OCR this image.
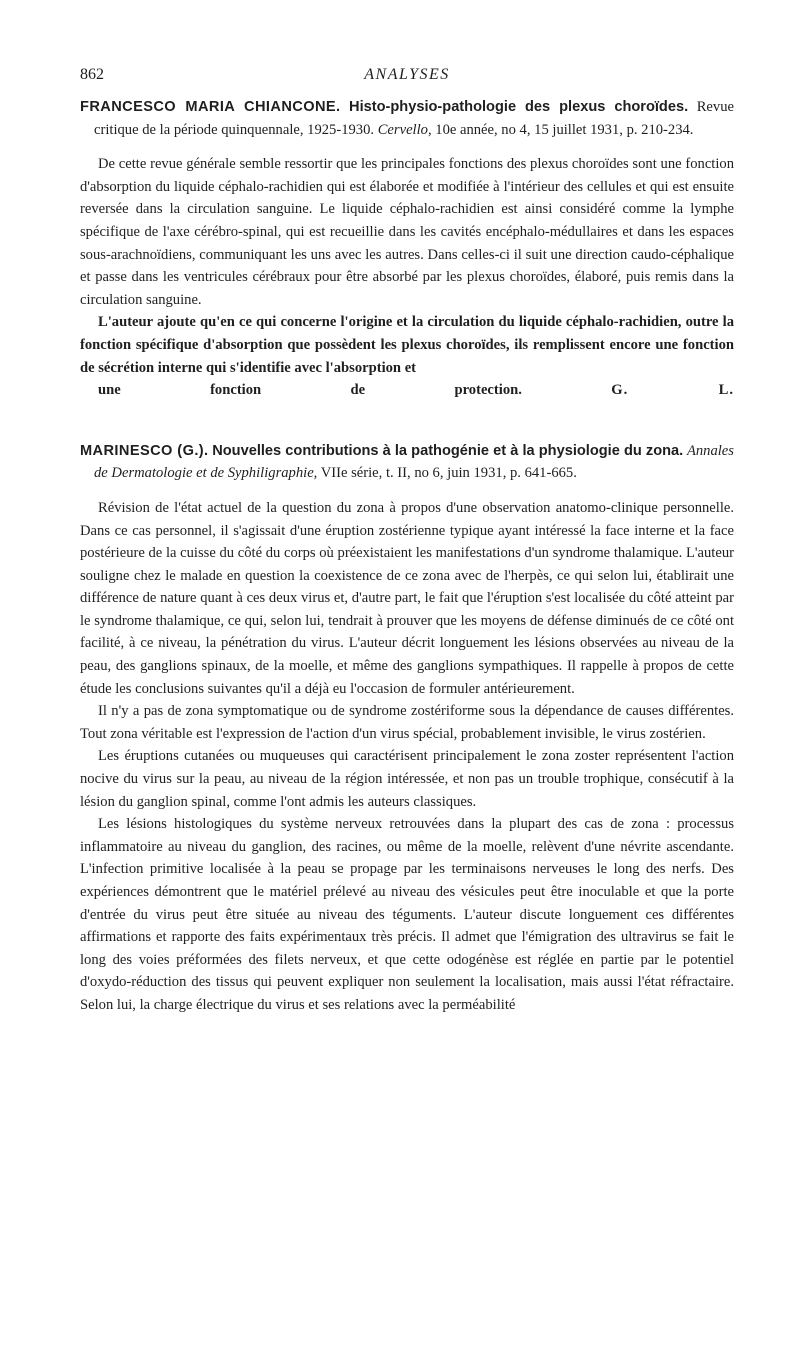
862	ANALYSES

FRANCESCO MARIA CHIANCONE. Histo-physio-pathologie des plexus choroïdes. Revue critique de la période quinquennale, 1925-1930. Cervello, 10e année, no 4, 15 juillet 1931, p. 210-234.

De cette revue générale semble ressortir que les principales fonctions des plexus choroïdes sont une fonction d'absorption du liquide céphalo-rachidien qui est élaborée et modifiée à l'intérieur des cellules et qui est ensuite reversée dans la circulation sanguine. Le liquide céphalo-rachidien est ainsi considéré comme la lymphe spécifique de l'axe cérébro-spinal, qui est recueillie dans les cavités encéphalo-médullaires et dans les espaces sous-arachnoïdiens, communiquant les uns avec les autres. Dans celles-ci il suit une direction caudo-céphalique et passe dans les ventricules cérébraux pour être absorbé par les plexus choroïdes, élaboré, puis remis dans la circulation sanguine.

L'auteur ajoute qu'en ce qui concerne l'origine et la circulation du liquide céphalo-rachidien, outre la fonction spécifique d'absorption que possèdent les plexus choroïdes, ils remplissent encore une fonction de sécrétion interne qui s'identifie avec l'absorption et

une fonction de protection.	G. L.

MARINESCO (G.). Nouvelles contributions à la pathogénie et à la physiologie du zona. Annales de Dermatologie et de Syphiligraphie, VIIe série, t. II, no 6, juin 1931, p. 641-665.

Révision de l'état actuel de la question du zona à propos d'une observation anatomo-clinique personnelle. Dans ce cas personnel, il s'agissait d'une éruption zostérienne typique ayant intéressé la face interne et la face postérieure de la cuisse du côté du corps où préexistaient les manifestations d'un syndrome thalamique. L'auteur souligne chez le malade en question la coexistence de ce zona avec de l'herpès, ce qui selon lui, établirait une différence de nature quant à ces deux virus et, d'autre part, le fait que l'éruption s'est localisée du côté atteint par le syndrome thalamique, ce qui, selon lui, tendrait à prouver que les moyens de défense diminués de ce côté ont facilité, à ce niveau, la pénétration du virus. L'auteur décrit longuement les lésions observées au niveau de la peau, des ganglions spinaux, de la moelle, et même des ganglions sympathiques. Il rappelle à propos de cette étude les conclusions suivantes qu'il a déjà eu l'occasion de formuler antérieurement.

Il n'y a pas de zona symptomatique ou de syndrome zostériforme sous la dépendance de causes différentes. Tout zona véritable est l'expression de l'action d'un virus spécial, probablement invisible, le virus zostérien.

Les éruptions cutanées ou muqueuses qui caractérisent principalement le zona zoster représentent l'action nocive du virus sur la peau, au niveau de la région intéressée, et non pas un trouble trophique, consécutif à la lésion du ganglion spinal, comme l'ont admis les auteurs classiques.

Les lésions histologiques du système nerveux retrouvées dans la plupart des cas de zona : processus inflammatoire au niveau du ganglion, des racines, ou même de la moelle, relèvent d'une névrite ascendante. L'infection primitive localisée à la peau se propage par les terminaisons nerveuses le long des nerfs. Des expériences démontrent que le matériel prélevé au niveau des vésicules peut être inoculable et que la porte d'entrée du virus peut être située au niveau des téguments. L'auteur discute longuement ces différentes affirmations et rapporte des faits expérimentaux très précis. Il admet que l'émigration des ultravirus se fait le long des voies préformées des filets nerveux, et que cette odogénèse est réglée en partie par le potentiel d'oxydo-réduction des tissus qui peuvent expliquer non seulement la localisation, mais aussi l'état réfractaire. Selon lui, la charge électrique du virus et ses relations avec la perméabilité
